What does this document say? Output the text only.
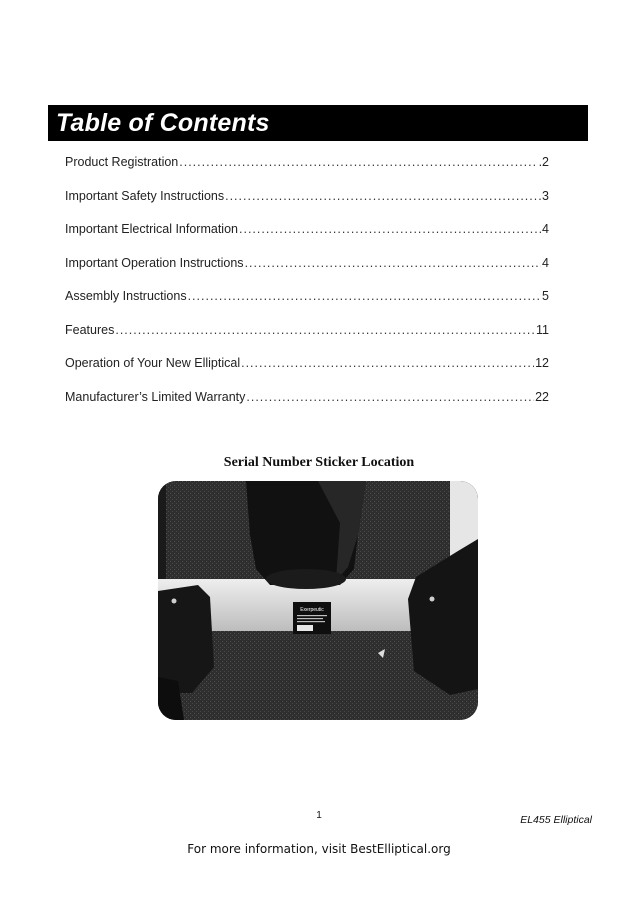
Table of Contents
Product Registration .....	.2
Important Safety Instructions .....	3
Important Electrical Information .....	4
Important Operation Instructions .....	4
Assembly Instructions .....	5
Features .....	11
Operation of Your New Elliptical .....	12
Manufacturer’s Limited Warranty .....	22
Serial Number Sticker Location
Exerpeutic
1	EL455 Elliptical
For more information, visit BestElliptical.org
